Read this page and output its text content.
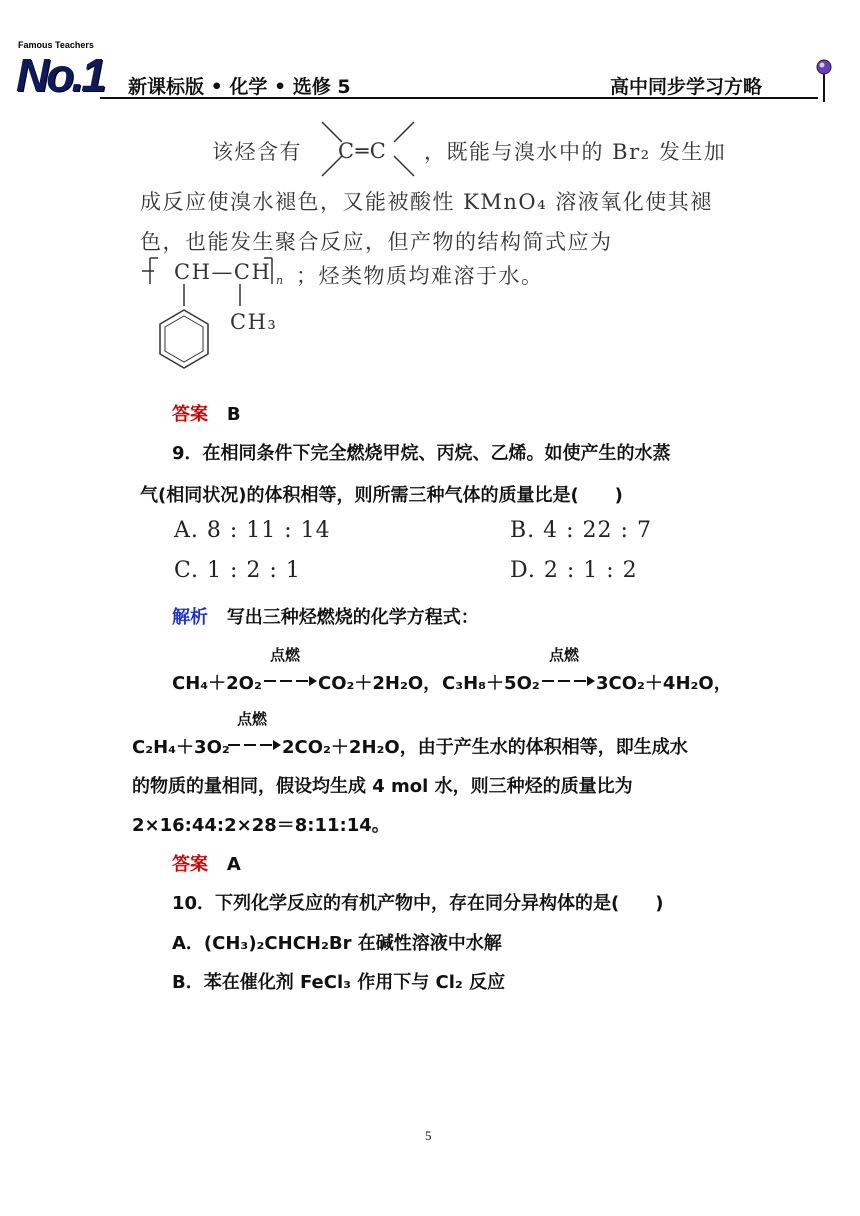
Famous Teachers
No.1 新课标版 • 化学 • 选修 5	高中同步学习方略
该烃含有 C═C ，既能与溴水中的 Br₂ 发生加
成反应使溴水褪色，又能被酸性 KMnO₄ 溶液氧化使其褪
色，也能发生聚合反应，但产物的结构简式应为
CH—CH n
CH₃
；烃类物质均难溶于水。
答案 B
9．在相同条件下完全燃烧甲烷、丙烷、乙烯。如使产生的水蒸
气(相同状况)的体积相等，则所需三种气体的质量比是(　　)
A. 8 : 11 : 14	B. 4 : 22 : 7
C. 1 : 2 : 1	D. 2 : 1 : 2
解析 写出三种烃燃烧的化学方程式：
点燃	点燃
CH₄＋2O₂ → CO₂＋2H₂O， C₃H₈＋5O₂ → 3CO₂＋4H₂O，
点燃
C₂H₄＋3O₂ → 2CO₂＋2H₂O，由于产生水的体积相等，即生成水
的物质的量相同，假设均生成 4 mol 水，则三种烃的质量比为
2×16:44:2×28＝8:11:14。
答案 A
10．下列化学反应的有机产物中，存在同分异构体的是(　　)
A．(CH₃)₂CHCH₂Br 在碱性溶液中水解
B．苯在催化剂 FeCl₃ 作用下与 Cl₂ 反应
5
